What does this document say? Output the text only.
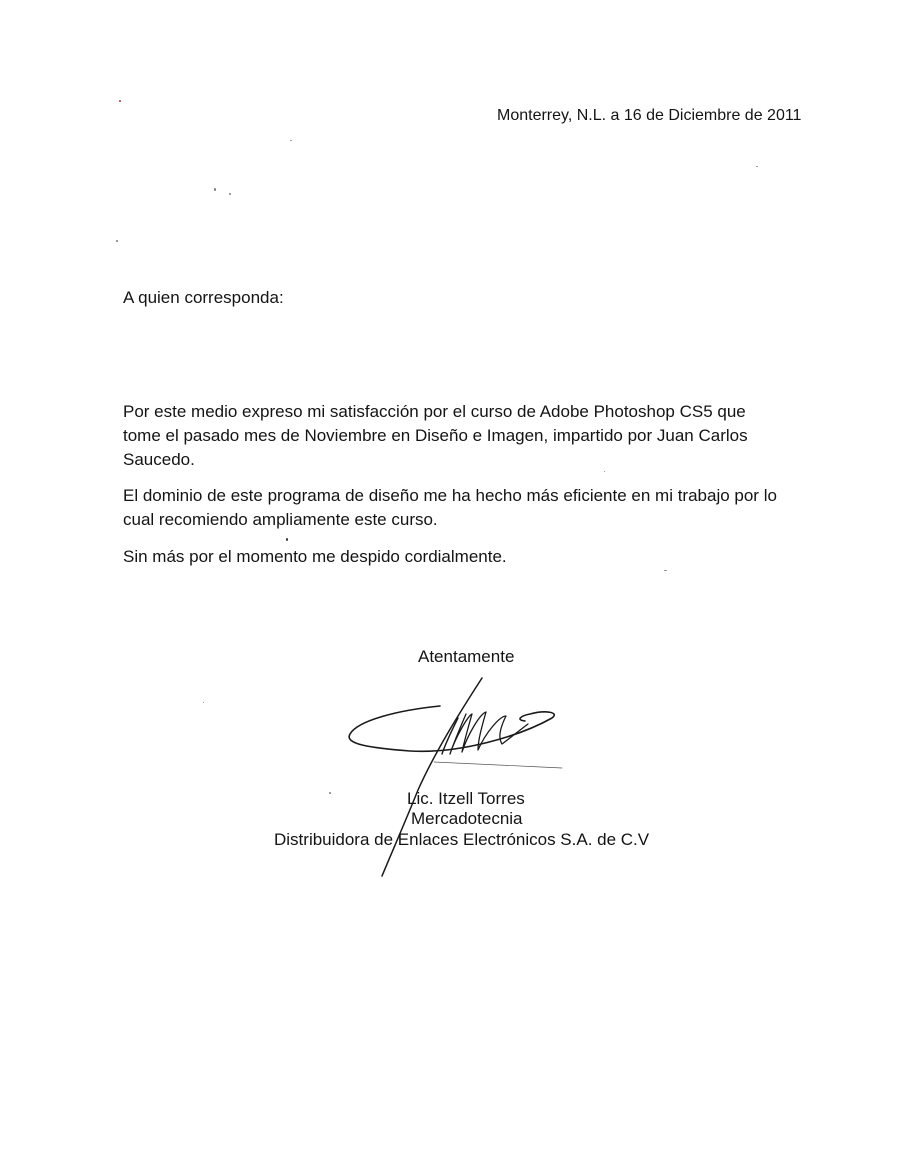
Monterrey, N.L. a 16 de Diciembre de 2011
A quien corresponda:
Por este medio expreso mi satisfacción por el curso de Adobe Photoshop CS5 que
tome el pasado mes de Noviembre en Diseño e Imagen, impartido por Juan Carlos
Saucedo.
El dominio de este programa de diseño me ha hecho más eficiente en mi trabajo por lo
cual recomiendo ampliamente este curso.
Sin más por el momento me despido cordialmente.
Atentamente
Lic. Itzell Torres
Mercadotecnia
Distribuidora de Enlaces Electrónicos S.A. de C.V
